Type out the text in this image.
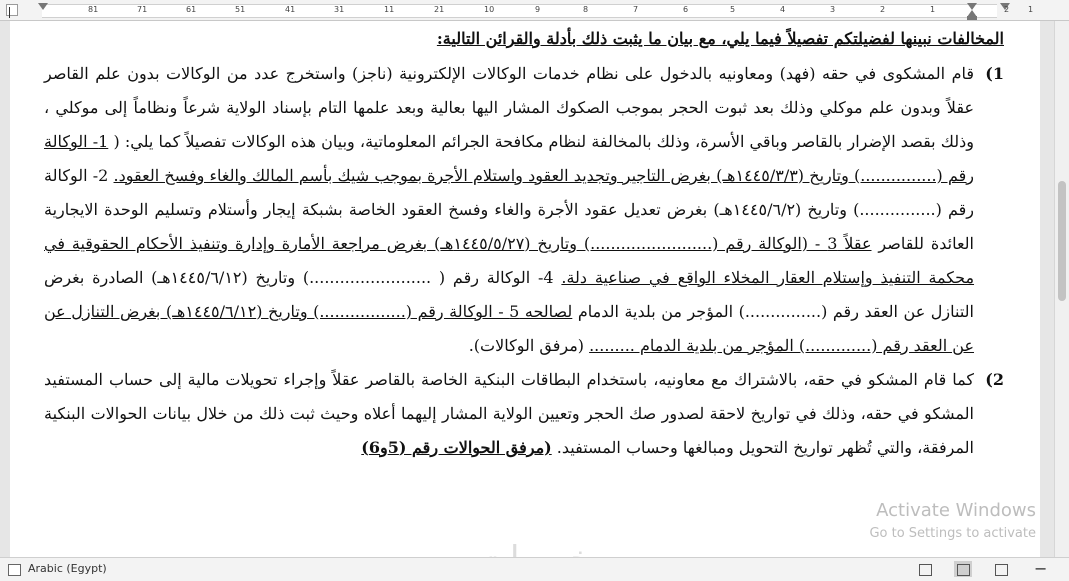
1
2
1
2
3
4
5
6
7
8
9
10
11
31
41
51
61
71
81	21
المخالفات نبينها لفضيلتكم تفصيلاً فيما يلي، مع بيان ما يثبت ذلك بأدلة والقرائن التالية:

1)
قام المشكوى في حقه (فهد) ومعاونيه بالدخول على نظام خدمات الوكالات الإلكترونية (ناجز) واستخرج عدد من الوكالات بدون علم القاصر عقلاً وبدون علم موكلي وذلك بعد ثبوت الحجر بموجب الصكوك المشار اليها بعالية وبعد علمها التام بإسناد الولاية شرعاً ونظاماً إلى موكلي ، وذلك بقصد الإضرار بالقاصر وباقي الأسرة، وذلك بالمخالفة لنظام مكافحة الجرائم المعلوماتية، وبيان هذه الوكالات تفصيلاً كما يلي: ( 1- الوكالة رقم (...............) وتاريخ (١٤٤٥/٣/٣هـ) بغرض التاجير وتجديد العقود واستلام الأجرة بموجب شيك بأسم المالك والغاء وفسخ العقود. 2- الوكالة رقم (...............) وتاريخ (١٤٤٥/٦/٢هـ) بغرض تعديل عقود الأجرة والغاء وفسخ العقود الخاصة بشبكة إيجار وأستلام وتسليم الوحدة الايجارية العائدة للقاصر عقلاً 3 - (الوكالة رقم (........................) وتاريخ (١٤٤٥/٥/٢٧هـ) بغرض مراجعة الأمارة وإدارة وتنفيذ الأحكام الحقوقية في محكمة التنفيذ وإستلام العقار المخلاء الواقع في صناعية دلة. 4- الوكالة رقم ( ........................) وتاريخ (١٤٤٥/٦/١٢هـ) الصادرة بغرض التنازل عن العقد رقم (...............) المؤجر من بلدية الدمام لصالحه 5 - الوكالة رقم (.................) وتاريخ (١٤٤٥/٦/١٢هـ) بغرض التنازل عن عن العقد رقم (.............) المؤجر من بلدية الدمام ......... (مرفق الوكالات).

2)
كما قام المشكو في حقه، بالاشتراك مع معاونيه، باستخدام البطاقات البنكية الخاصة بالقاصر عقلاً وإجراء تحويلات مالية إلى حساب المستفيد المشكو في حقه، وذلك في تواريخ لاحقة لصدور صك الحجر وتعيين الولاية المشار إليهما أعلاه وحيث ثبت ذلك من خلال بيانات الحوالات البنكية المرفقة، والتي تُظهر تواريخ التحويل ومبالغها وحساب المستفيد. (مرفق الحوالات رقم (5و6)

Activate Windows
Go to Settings to activate
Arabic (Egypt)	−
